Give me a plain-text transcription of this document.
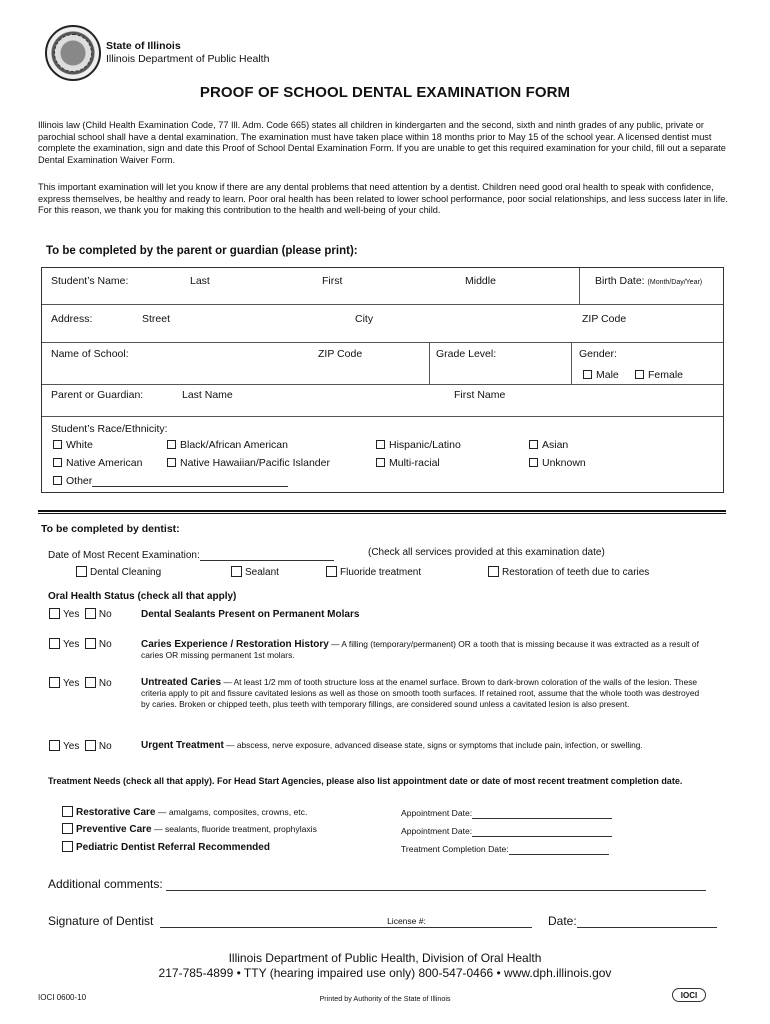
State of Illinois
Illinois Department of Public Health
PROOF OF SCHOOL DENTAL EXAMINATION FORM
Illinois law (Child Health Examination Code, 77 Ill. Adm. Code 665) states all children in kindergarten and the second, sixth and ninth grades of any public, private or parochial school shall have a dental examination. The examination must have taken place within 18 months prior to May 15 of the school year. A licensed dentist must complete the examination, sign and date this Proof of School Dental Examination Form. If you are unable to get this required examination for your child, fill out a separate Dental Examination Waiver Form.
This important examination will let you know if there are any dental problems that need attention by a dentist. Children need good oral health to speak with confidence, express themselves, be healthy and ready to learn. Poor oral health has been related to lower school performance, poor social relationships, and less success later in life. For this reason, we thank you for making this contribution to the health and well-being of your child.
To be completed by the parent or guardian (please print):
Student’s Name:	Last	First	Middle	Birth Date: (Month/Day/Year)
Address:	Street	City	ZIP Code
Name of School:	ZIP Code	Grade Level:	Gender:
Male	Female
Parent or Guardian:	Last Name	First Name
Student’s Race/Ethnicity:
White	Black/African American	Hispanic/Latino	Asian
Native American	Native Hawaiian/Pacific Islander	Multi-racial	Unknown
Other
To be completed by dentist:
Date of Most Recent Examination:	(Check all services provided at this examination date)
Dental Cleaning	Sealant	Fluoride treatment	Restoration of teeth due to caries
Oral Health Status (check all that apply)
Yes No	Dental Sealants Present on Permanent Molars
Yes No	Caries Experience / Restoration History — A filling (temporary/permanent) OR a tooth that is missing because it was extracted as a result of caries OR missing permanent 1st molars.
Yes No	Untreated Caries — At least 1/2 mm of tooth structure loss at the enamel surface. Brown to dark-brown coloration of the walls of the lesion. These criteria apply to pit and fissure cavitated lesions as well as those on smooth tooth surfaces. If retained root, assume that the whole tooth was destroyed by caries. Broken or chipped teeth, plus teeth with temporary fillings, are considered sound unless a cavitated lesion is also present.
Yes No	Urgent Treatment — abscess, nerve exposure, advanced disease state, signs or symptoms that include pain, infection, or swelling.
Treatment Needs (check all that apply). For Head Start Agencies, please also list appointment date or date of most recent treatment completion date.
Restorative Care — amalgams, composites, crowns, etc.
Preventive Care — sealants, fluoride treatment, prophylaxis
Pediatric Dentist Referral Recommended
Appointment Date:
Appointment Date:
Treatment Completion Date:
Additional comments:
Signature of Dentist	License #:	Date:
Illinois Department of Public Health, Division of Oral Health
217-785-4899 • TTY (hearing impaired use only) 800-547-0466 • www.dph.illinois.gov
IOCI 0600-10	Printed by Authority of the State of Illinois	IOCI
